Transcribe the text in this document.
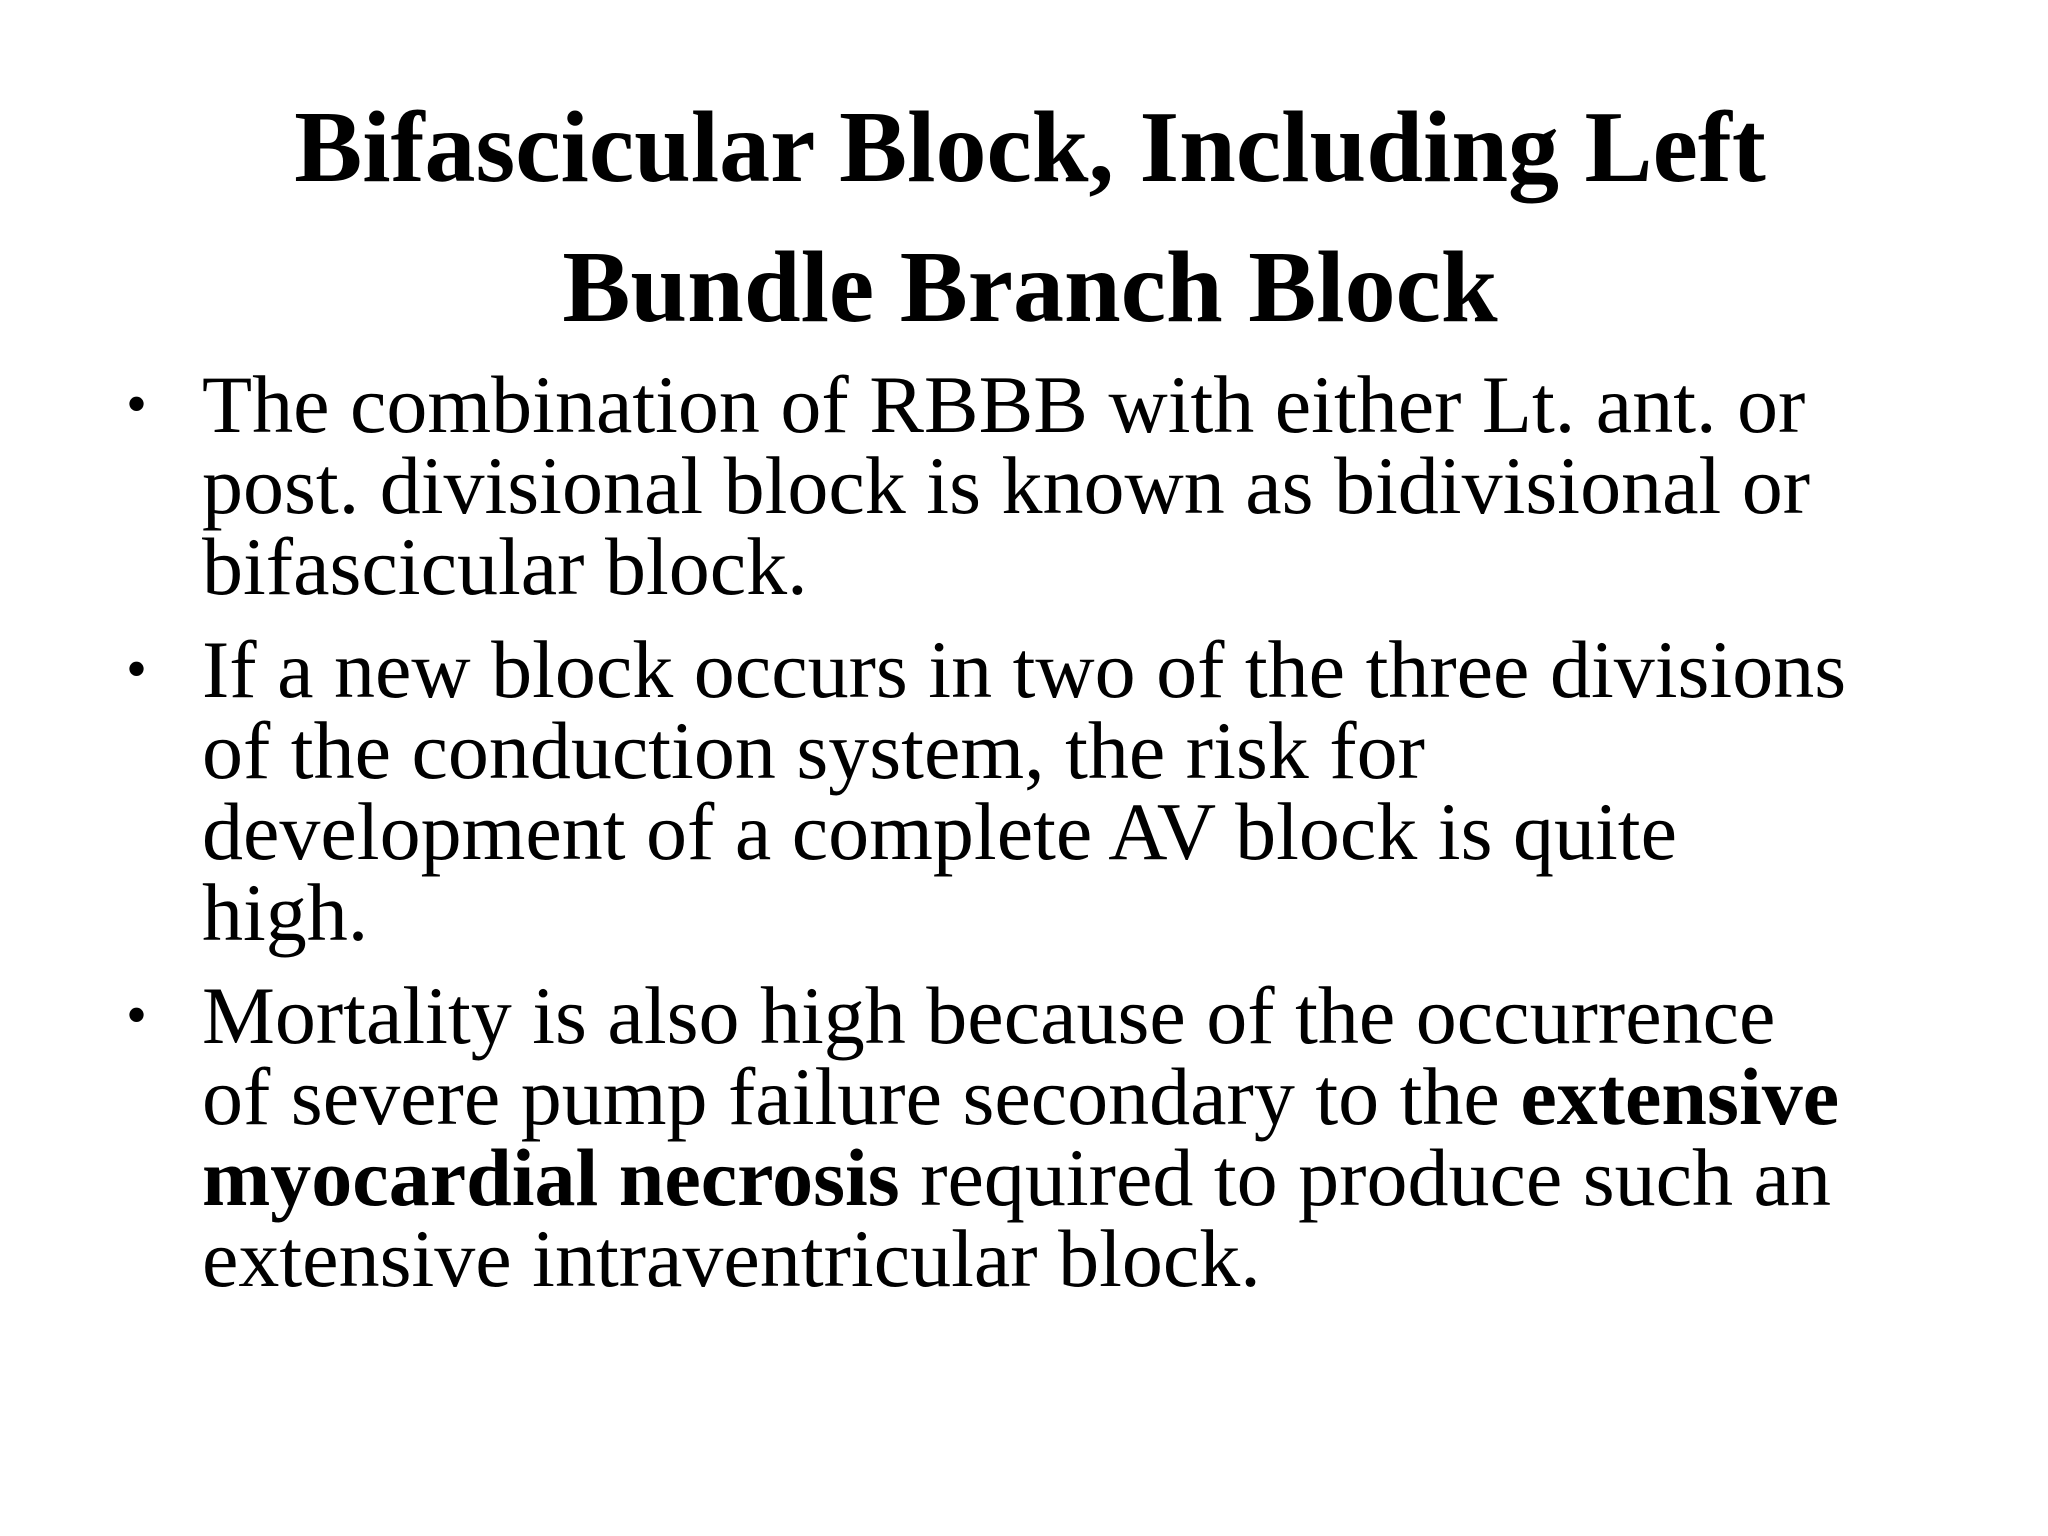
Bifascicular Block, Including Left
Bundle Branch Block
• The combination of RBBB with either Lt. ant. or
post. divisional block is known as bidivisional or
bifascicular block.
• If a new block occurs in two of the three divisions
of the conduction system, the risk for
development of a complete AV block is quite
high.
• Mortality is also high because of the occurrence
of severe pump failure secondary to the extensive
myocardial necrosis required to produce such an
extensive intraventricular block.
